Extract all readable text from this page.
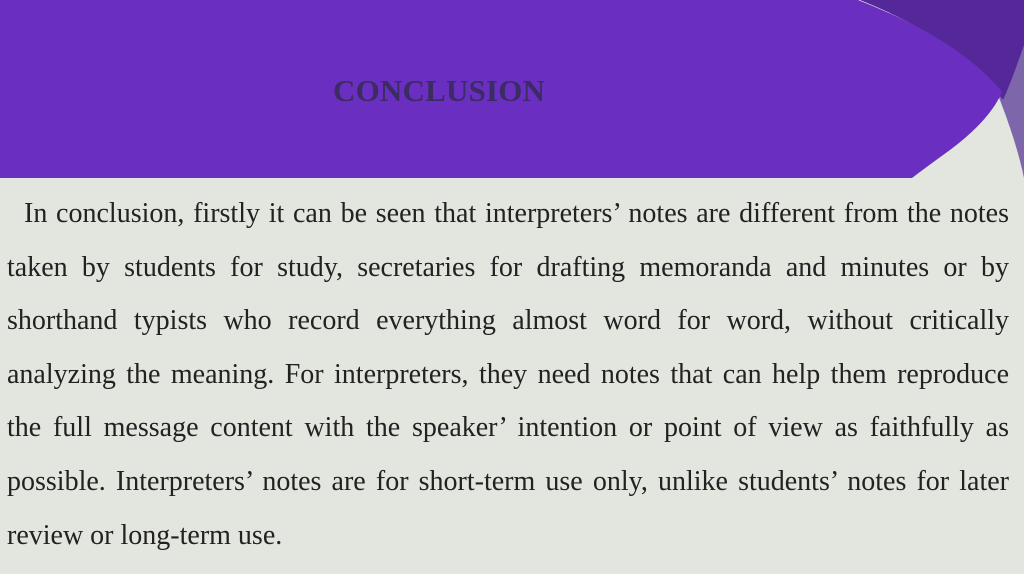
CONCLUSION

In conclusion, firstly it can be seen that interpreters’ notes are different from the notes taken by students for study, secretaries for drafting memoranda and minutes or by shorthand typists who record everything almost word for word, without critically analyzing the meaning. For interpreters, they need notes that can help them reproduce the full message content with the speaker’ intention or point of view as faithfully as possible. Interpreters’ notes are for short-term use only, unlike students’ notes for later review or long-term use.
